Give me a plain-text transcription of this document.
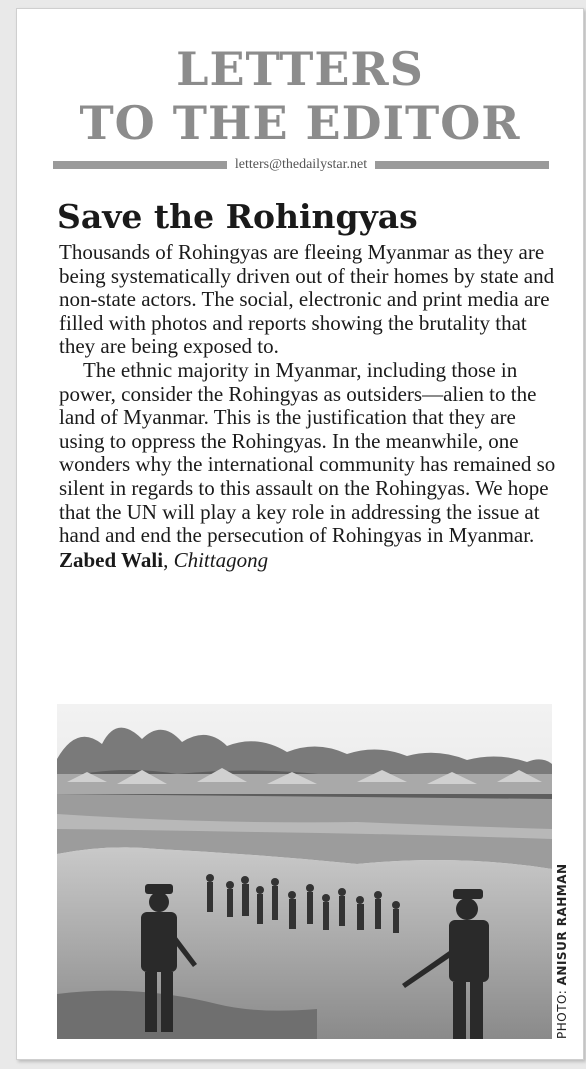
LETTERS
TO THE EDITOR
letters@thedailystar.net
Save the Rohingyas

Thousands of Rohingyas are fleeing Myanmar as they are being systematically driven out of their homes by state and non-state actors. The social, electronic and print media are filled with photos and reports showing the brutality that they are being exposed to.

The ethnic majority in Myanmar, including those in power, consider the Rohingyas as outsiders—alien to the land of Myanmar. This is the justification that they are using to oppress the Rohingyas. In the meanwhile, one wonders why the international community has remained so silent in regards to this assault on the Rohingyas. We hope that the UN will play a key role in addressing the issue at hand and end the persecution of Rohingyas in Myanmar.

Zabed Wali, Chittagong
PHOTO: ANISUR RAHMAN
